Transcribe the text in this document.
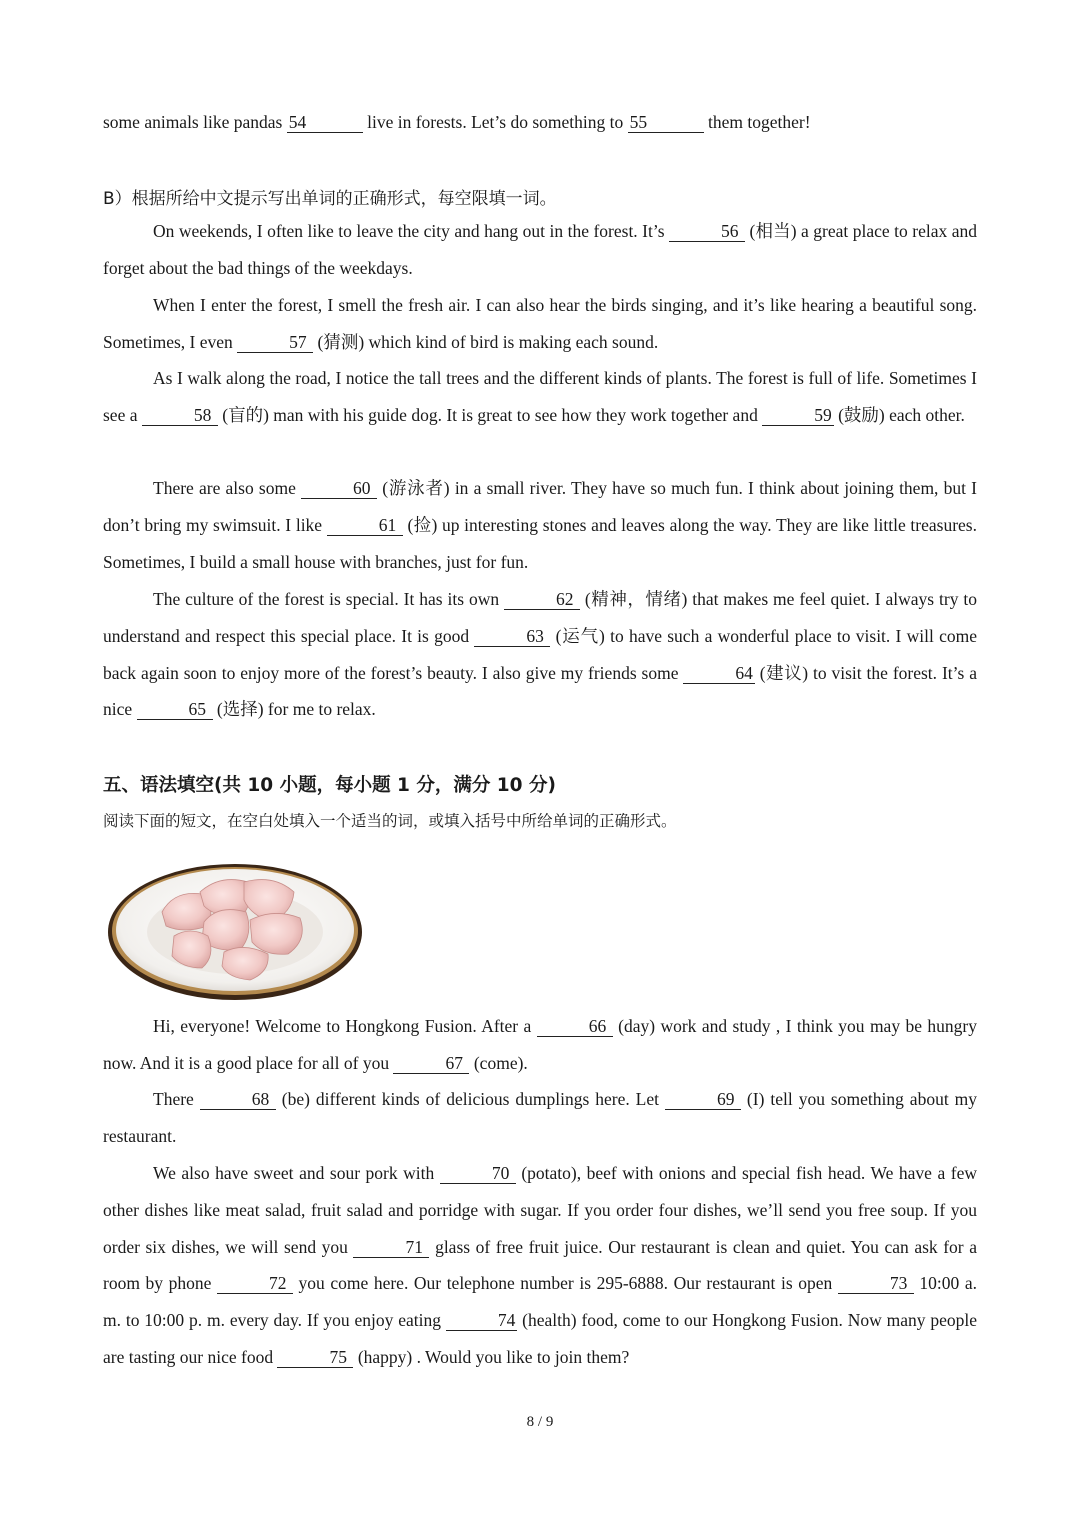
some animals like pandas 54	live in forests. Let’s do something to 55	them together!

B）根据所给中文提示写出单词的正确形式，每空限填一词。

On weekends, I often like to leave the city and hang out in the forest. It’s	56 (相当) a great place to relax and forget about the bad things of the weekdays.

When I enter the forest, I smell the fresh air. I can also hear the birds singing, and it’s like hearing a beautiful song. Sometimes, I even	57 (猜测) which kind of bird is making each sound.

As I walk along the road, I notice the tall trees and the different kinds of plants. The forest is full of life. Sometimes I see a	58 (盲的) man with his guide dog. It is great to see how they work together and	59 (鼓励) each other.

There are also some	60 (游泳者) in a small river. They have so much fun. I think about joining them, but I don’t bring my swimsuit. I like	61 (捡) up interesting stones and leaves along the way. They are like little treasures. Sometimes, I build a small house with branches, just for fun.

The culture of the forest is special. It has its own	62 (精神，情绪) that makes me feel quiet. I always try to understand and respect this special place. It is good	63 (运气) to have such a wonderful place to visit. I will come back again soon to enjoy more of the forest’s beauty. I also give my friends some	64 (建议) to visit the forest. It’s a nice	65 (选择) for me to relax.

五、语法填空(共 10 小题，每小题 1 分，满分 10 分)

阅读下面的短文，在空白处填入一个适当的词，或填入括号中所给单词的正确形式。

Hi, everyone! Welcome to Hongkong Fusion. After a	66 (day) work and study , I think you may be hungry now. And it is a good place for all of you	67 (come).

There	68 (be) different kinds of delicious dumplings here. Let	69 (I) tell you something about my restaurant.

We also have sweet and sour pork with	70 (potato), beef with onions and special fish head. We have a few other dishes like meat salad, fruit salad and porridge with sugar. If you order four dishes, we’ll send you free soup. If you order six dishes, we will send you	71 glass of free fruit juice. Our restaurant is clean and quiet. You can ask for a room by phone	72 you come here. Our telephone number is 295-6888. Our restaurant is open	73 10:00 a. m. to 10:00 p. m. every day. If you enjoy eating	74 (health) food, come to our Hongkong Fusion. Now many people are tasting our nice food	75 (happy) . Would you like to join them?

8 / 9
